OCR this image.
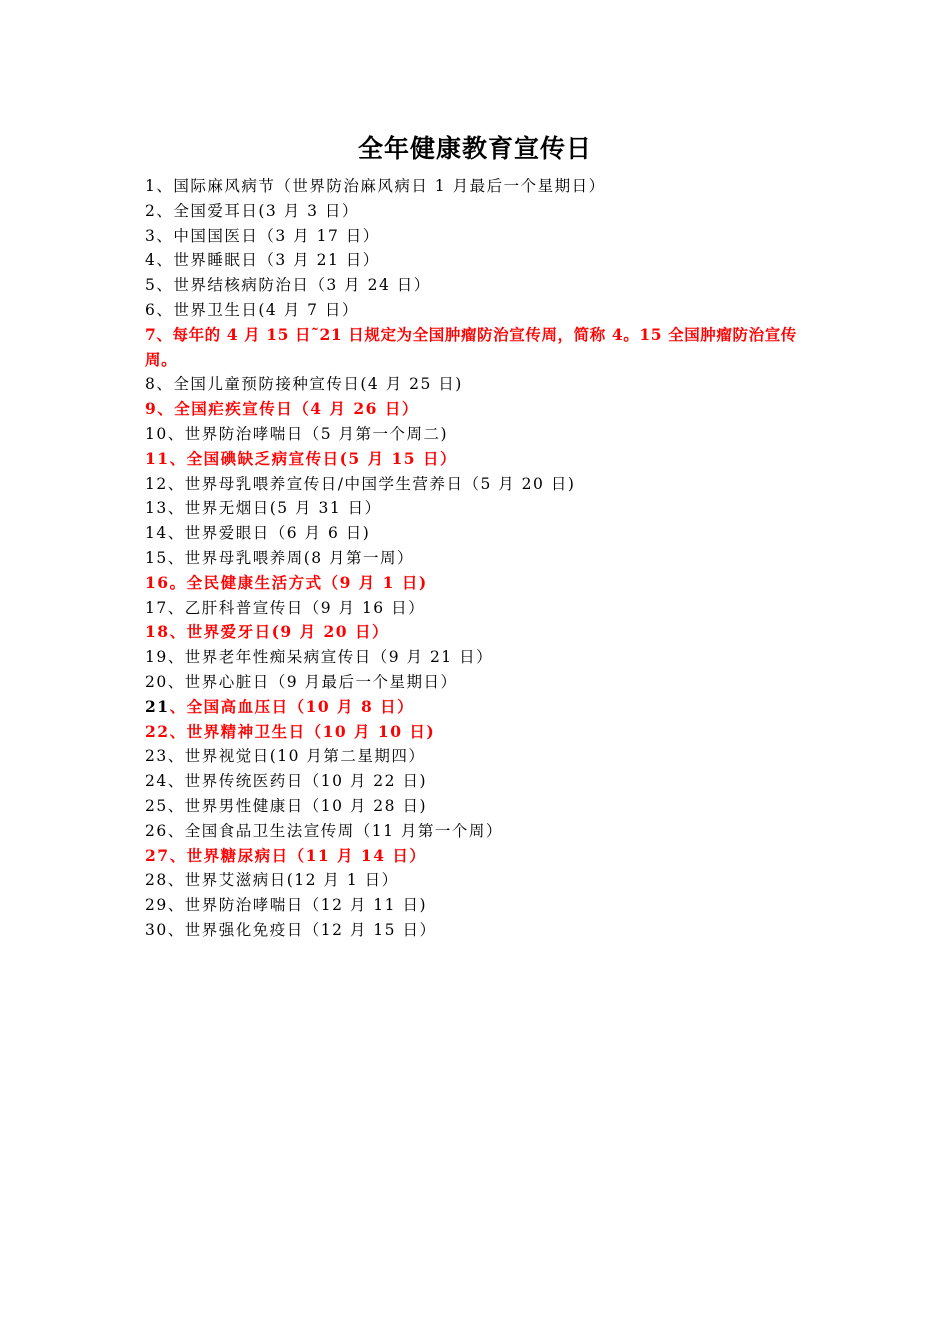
全年健康教育宣传日
1、国际麻风病节（世界防治麻风病日 1 月最后一个星期日）
2、全国爱耳日(3 月 3 日）
3、中国国医日（3 月 17 日）
4、世界睡眠日（3 月 21 日）
5、世界结核病防治日（3 月 24 日）
6、世界卫生日(4 月 7 日）
7、每年的 4 月 15 日˜21 日规定为全国肿瘤防治宣传周，简称 4。15 全国肿瘤防治宣传周。
8、全国儿童预防接种宣传日(4 月 25 日)
9、全国疟疾宣传日（4 月 26 日）
10、世界防治哮喘日（5 月第一个周二)
11、全国碘缺乏病宣传日(5 月 15 日）
12、世界母乳喂养宣传日/中国学生营养日（5 月 20 日)
13、世界无烟日(5 月 31 日）
14、世界爱眼日（6 月 6 日)
15、世界母乳喂养周(8 月第一周）
16。全民健康生活方式（9 月 1 日)
17、乙肝科普宣传日（9 月 16 日）
18、世界爱牙日(9 月 20 日）
19、世界老年性痴呆病宣传日（9 月 21 日）
20、世界心脏日（9 月最后一个星期日）
21、全国高血压日（10 月 8 日）
22、世界精神卫生日（10 月 10 日)
23、世界视觉日(10 月第二星期四）
24、世界传统医药日（10 月 22 日)
25、世界男性健康日（10 月 28 日)
26、全国食品卫生法宣传周（11 月第一个周）
27、世界糖尿病日（11 月 14 日）
28、世界艾滋病日(12 月 1 日）
29、世界防治哮喘日（12 月 11 日)
30、世界强化免疫日（12 月 15 日）
